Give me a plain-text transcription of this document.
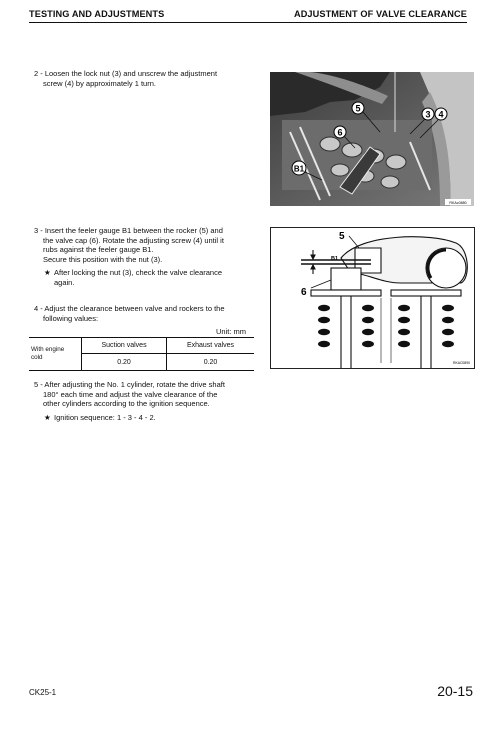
TESTING AND ADJUSTMENTS	ADJUSTMENT OF VALVE CLEARANCE
2 - Loosen the lock nut (3) and unscrew the adjustment
screw (4) by approximately 1 turn.
5
3 4
6
B1
RKAc0880
3 - Insert the feeler gauge B1 between the rocker (5) and
the valve cap (6). Rotate the adjusting screw (4) until it
rubs against the feeler gauge B1.
Secure this position with the nut (3).
★ After locking the nut (3), check the valve clearance
again.
5
6
B1
RKAC0890
4 - Adjust the clearance between valve and rockers to the
following values:
Unit: mm
With engine
cold	Suction valves	Exhaust valves
	0.20	0.20
5 - After adjusting the No. 1 cylinder, rotate the drive shaft
180° each time and adjust the valve clearance of the
other cylinders according to the ignition sequence.
★ Ignition sequence: 1 - 3 - 4 - 2.
CK25-1	20-15
